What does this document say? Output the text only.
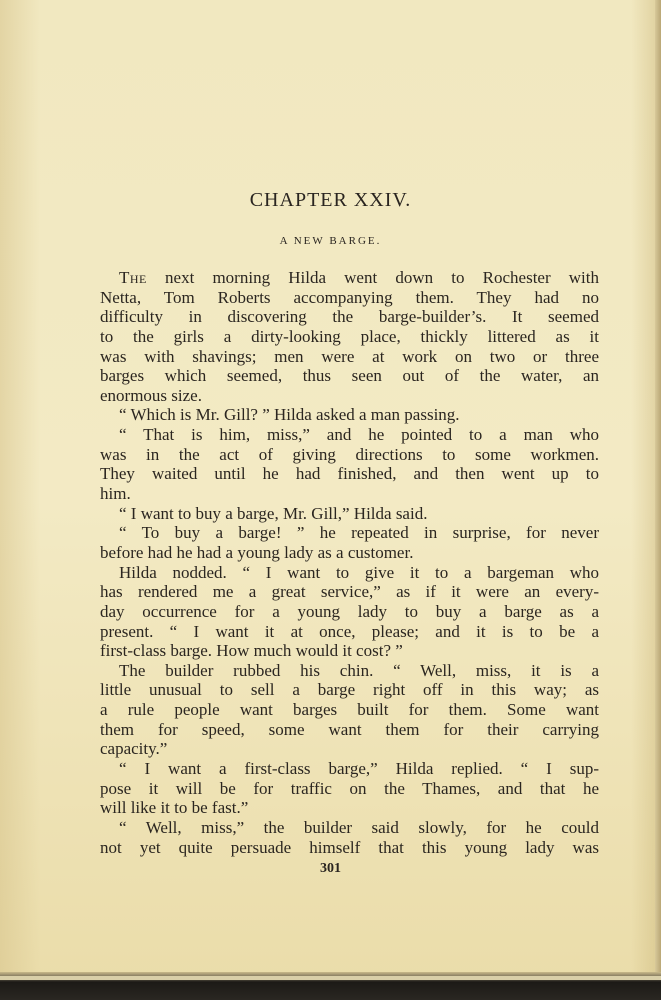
CHAPTER XXIV.
A NEW BARGE.
The next morning Hilda went down to Rochester with
Netta, Tom Roberts accompanying them. They had no
difficulty in discovering the barge-builder’s. It seemed
to the girls a dirty-looking place, thickly littered as it
was with shavings; men were at work on two or three
barges which seemed, thus seen out of the water, an
enormous size.
“ Which is Mr. Gill? ” Hilda asked a man passing.
“ That is him, miss,” and he pointed to a man who
was in the act of giving directions to some workmen.
They waited until he had finished, and then went up to
him.
“ I want to buy a barge, Mr. Gill,” Hilda said.
“ To buy a barge! ” he repeated in surprise, for never
before had he had a young lady as a customer.
Hilda nodded. “ I want to give it to a bargeman who
has rendered me a great service,” as if it were an every-
day occurrence for a young lady to buy a barge as a
present. “ I want it at once, please; and it is to be a
first-class barge. How much would it cost? ”
The builder rubbed his chin. “ Well, miss, it is a
little unusual to sell a barge right off in this way; as
a rule people want barges built for them. Some want
them for speed, some want them for their carrying
capacity.”
“ I want a first-class barge,” Hilda replied. “ I sup-
pose it will be for traffic on the Thames, and that he
will like it to be fast.”
“ Well, miss,” the builder said slowly, for he could
not yet quite persuade himself that this young lady was
301
